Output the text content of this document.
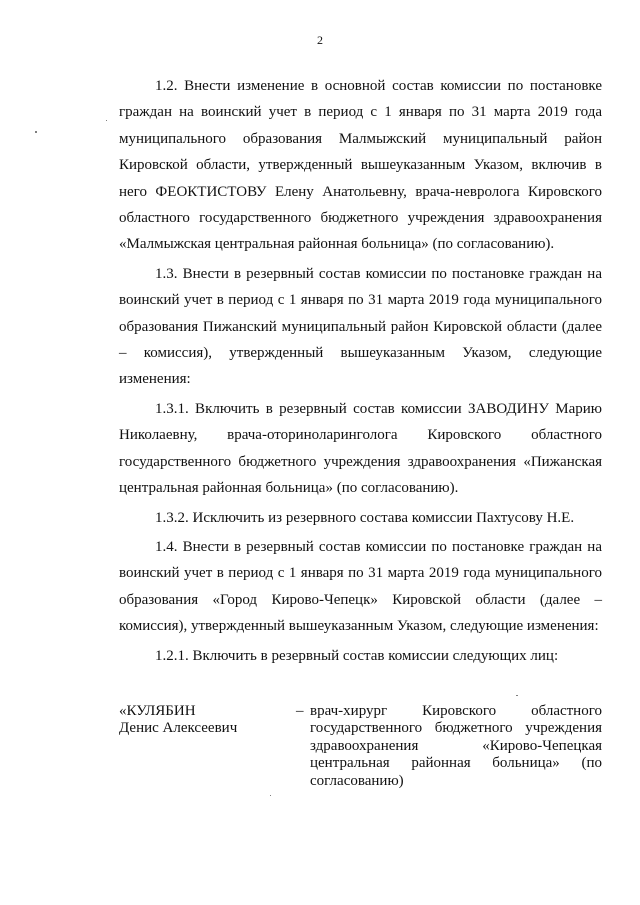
2

1.2. Внести изменение в основной состав комиссии по постановке граждан на воинский учет в период с 1 января по 31 марта 2019 года муниципального образования Малмыжский муниципальный район Кировской области, утвержденный вышеуказанным Указом, включив в него ФЕОКТИСТОВУ Елену Анатольевну, врача-невролога Кировского областного государственного бюджетного учреждения здравоохранения «Малмыжская центральная районная больница» (по согласованию).

1.3. Внести в резервный состав комиссии по постановке граждан на воинский учет в период с 1 января по 31 марта 2019 года муниципального образования Пижанский муниципальный район Кировской области (далее – комиссия), утвержденный вышеуказанным Указом, следующие изменения:

1.3.1. Включить в резервный состав комиссии ЗАВОДИНУ Марию Николаевну, врача-оториноларинголога Кировского областного государственного бюджетного учреждения здравоохранения «Пижанская центральная районная больница» (по согласованию).

1.3.2. Исключить из резервного состава комиссии Пахтусову Н.Е.

1.4. Внести в резервный состав комиссии по постановке граждан на воинский учет в период с 1 января по 31 марта 2019 года муниципального образования «Город Кирово-Чепецк» Кировской области (далее – комиссия), утвержденный вышеуказанным Указом, следующие изменения:

1.2.1. Включить в резервный состав комиссии следующих лиц:

«КУЛЯБИН
Денис Алексеевич
– врач-хирург Кировского областного государственного бюджетного учреждения здравоохранения «Кирово-Чепецкая центральная районная больница» (по согласованию)
